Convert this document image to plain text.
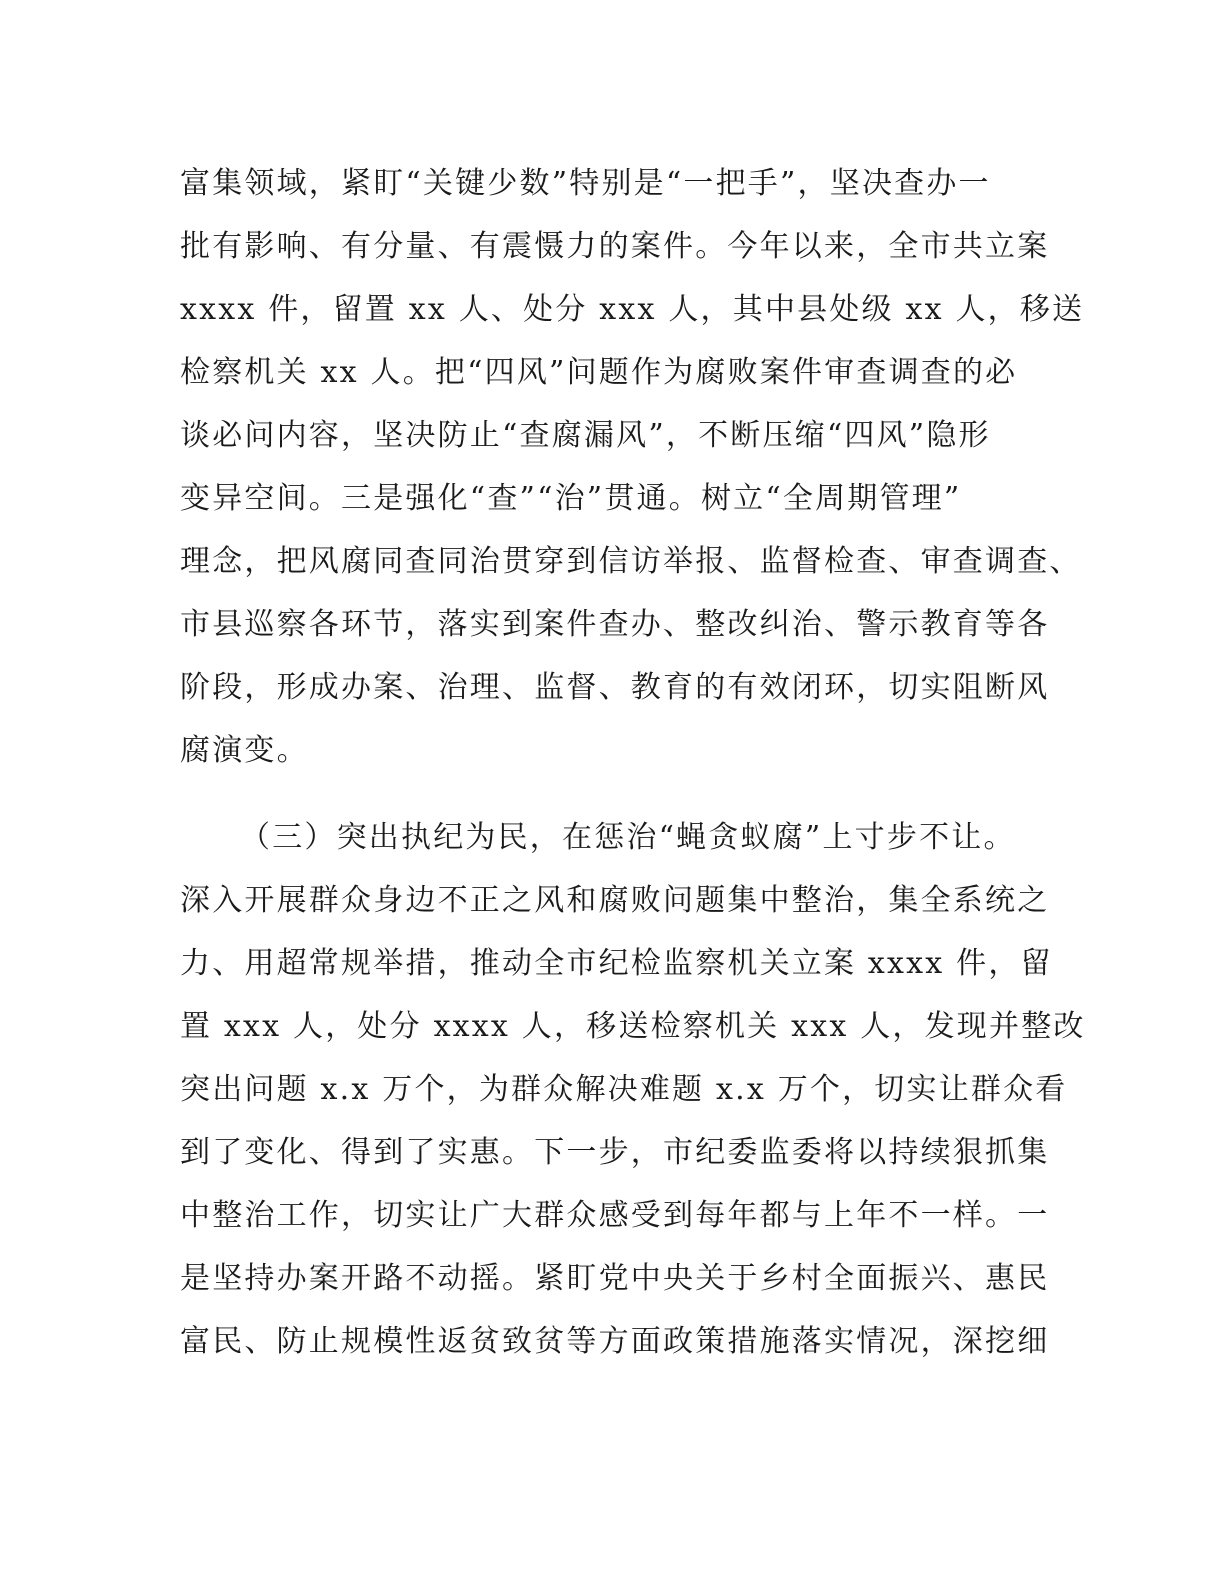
富集领域，紧盯“关键少数”特别是“一把手”，坚决查办一
批有影响、有分量、有震慑力的案件。今年以来，全市共立案
xxxx 件，留置 xx 人、处分 xxx 人，其中县处级 xx 人，移送
检察机关 xx 人。把“四风”问题作为腐败案件审查调查的必
谈必问内容，坚决防止“查腐漏风”，不断压缩“四风”隐形
变异空间。三是强化“查”“治”贯通。树立“全周期管理”
理念，把风腐同查同治贯穿到信访举报、监督检查、审查调查、
市县巡察各环节，落实到案件查办、整改纠治、警示教育等各
阶段，形成办案、治理、监督、教育的有效闭环，切实阻断风
腐演变。
（三）突出执纪为民，在惩治“蝇贪蚁腐”上寸步不让。
深入开展群众身边不正之风和腐败问题集中整治，集全系统之
力、用超常规举措，推动全市纪检监察机关立案 xxxx 件，留
置 xxx 人，处分 xxxx 人，移送检察机关 xxx 人，发现并整改
突出问题 x.x 万个，为群众解决难题 x.x 万个，切实让群众看
到了变化、得到了实惠。下一步，市纪委监委将以持续狠抓集
中整治工作，切实让广大群众感受到每年都与上年不一样。一
是坚持办案开路不动摇。紧盯党中央关于乡村全面振兴、惠民
富民、防止规模性返贫致贫等方面政策措施落实情况，深挖细
